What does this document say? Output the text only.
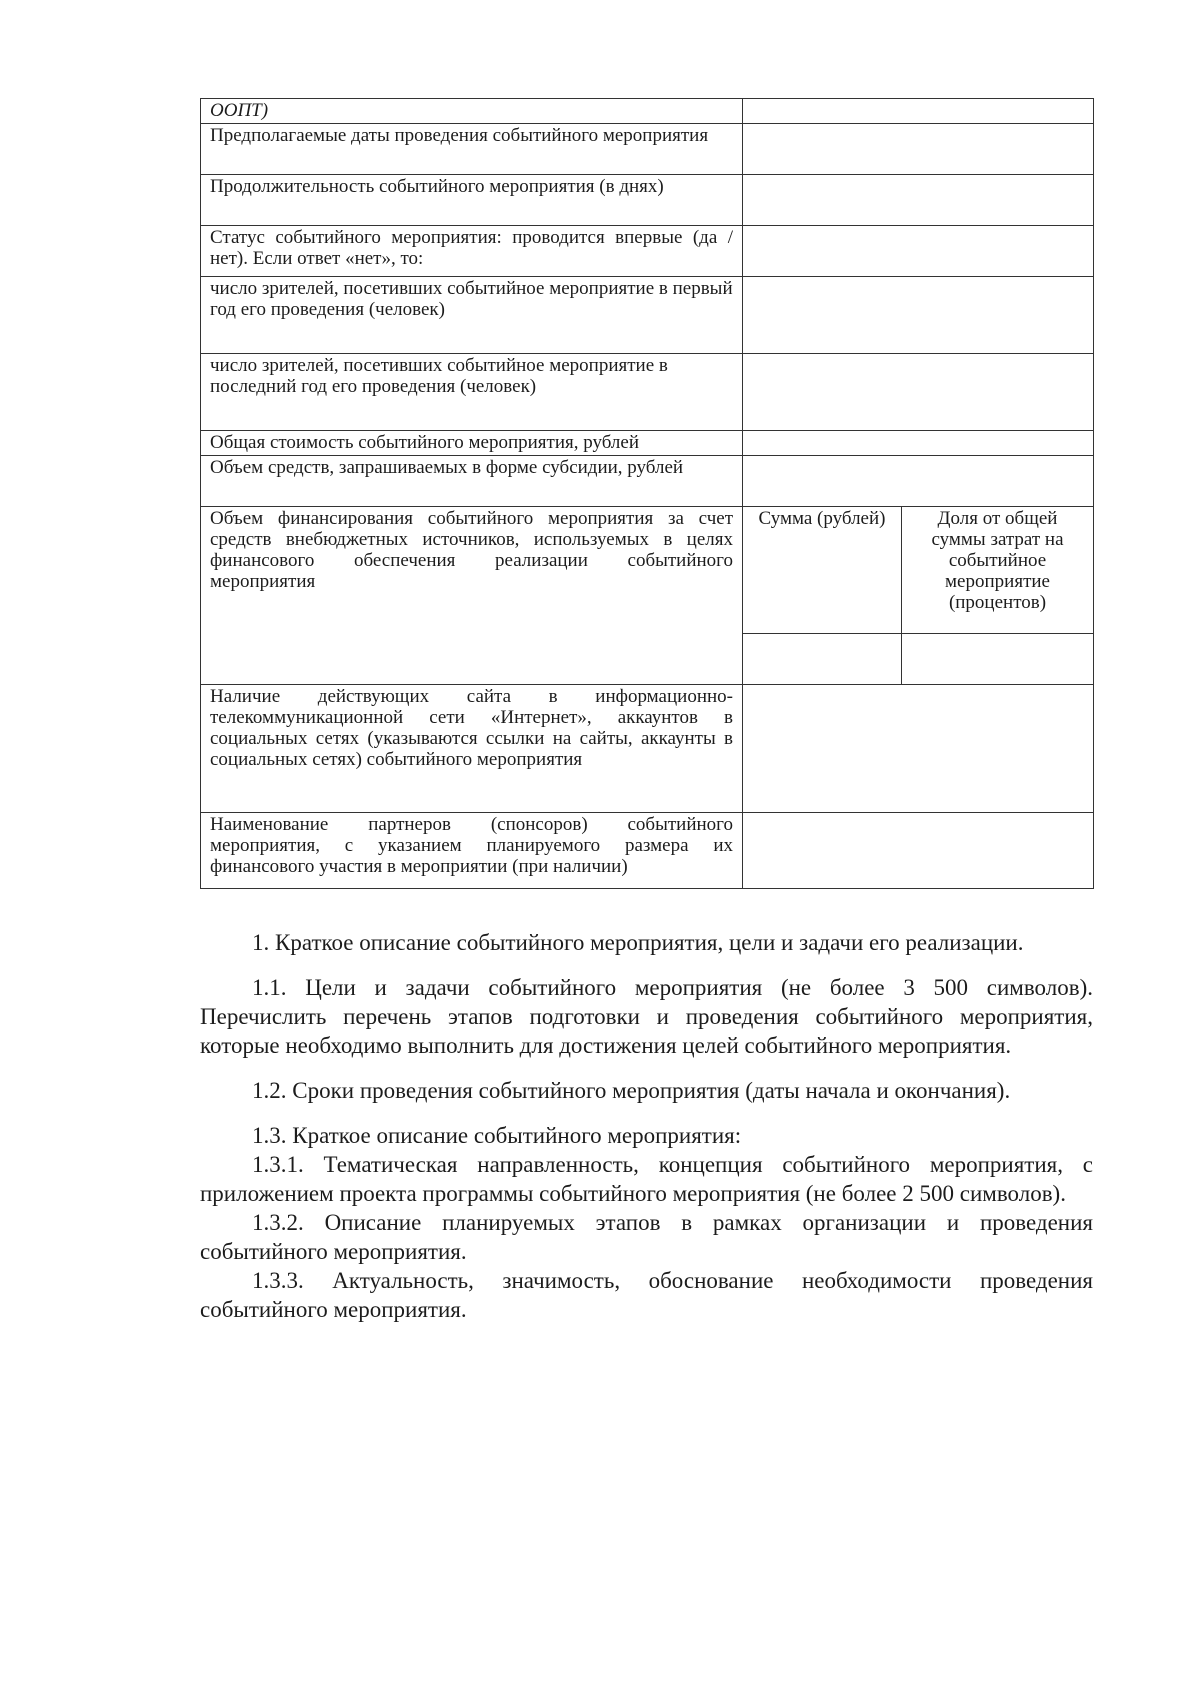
ООПТ)		
Предполагаемые даты проведения событийного мероприятия		
Продолжительность событийного мероприятия (в днях)		
Статус событийного мероприятия: проводится впервые (да / нет). Если ответ «нет», то:		
число зрителей, посетивших событийное мероприятие в первый год его проведения (человек)		
число зрителей, посетивших событийное мероприятие в последний год его проведения (человек)		
Общая стоимость событийного мероприятия, рублей		
Объем средств, запрашиваемых в форме субсидии, рублей		
Объем финансирования событийного мероприятия за счет средств внебюджетных источников, используемых в целях финансового обеспечения реализации событийного мероприятия	Сумма (рублей)	Доля от общей суммы затрат на событийное мероприятие (процентов)

Наличие действующих сайта в информационно-телекоммуникационной сети «Интернет», аккаунтов в социальных сетях (указываются ссылки на сайты, аккаунты в социальных сетях) событийного мероприятия		
Наименование партнеров (спонсоров) событийного мероприятия, с указанием планируемого размера их финансового участия в мероприятии (при наличии)		

1. Краткое описание событийного мероприятия, цели и задачи его реализации.

1.1. Цели и задачи событийного мероприятия (не более 3 500 символов). Перечислить перечень этапов подготовки и проведения событийного мероприятия, которые необходимо выполнить для достижения целей событийного мероприятия.

1.2. Сроки проведения событийного мероприятия (даты начала и окончания).

1.3. Краткое описание событийного мероприятия:

1.3.1. Тематическая направленность, концепция событийного мероприятия, с приложением проекта программы событийного мероприятия (не более 2 500 символов).

1.3.2. Описание планируемых этапов в рамках организации и проведения событийного мероприятия.

1.3.3. Актуальность, значимость, обоснование необходимости проведения событийного мероприятия.
